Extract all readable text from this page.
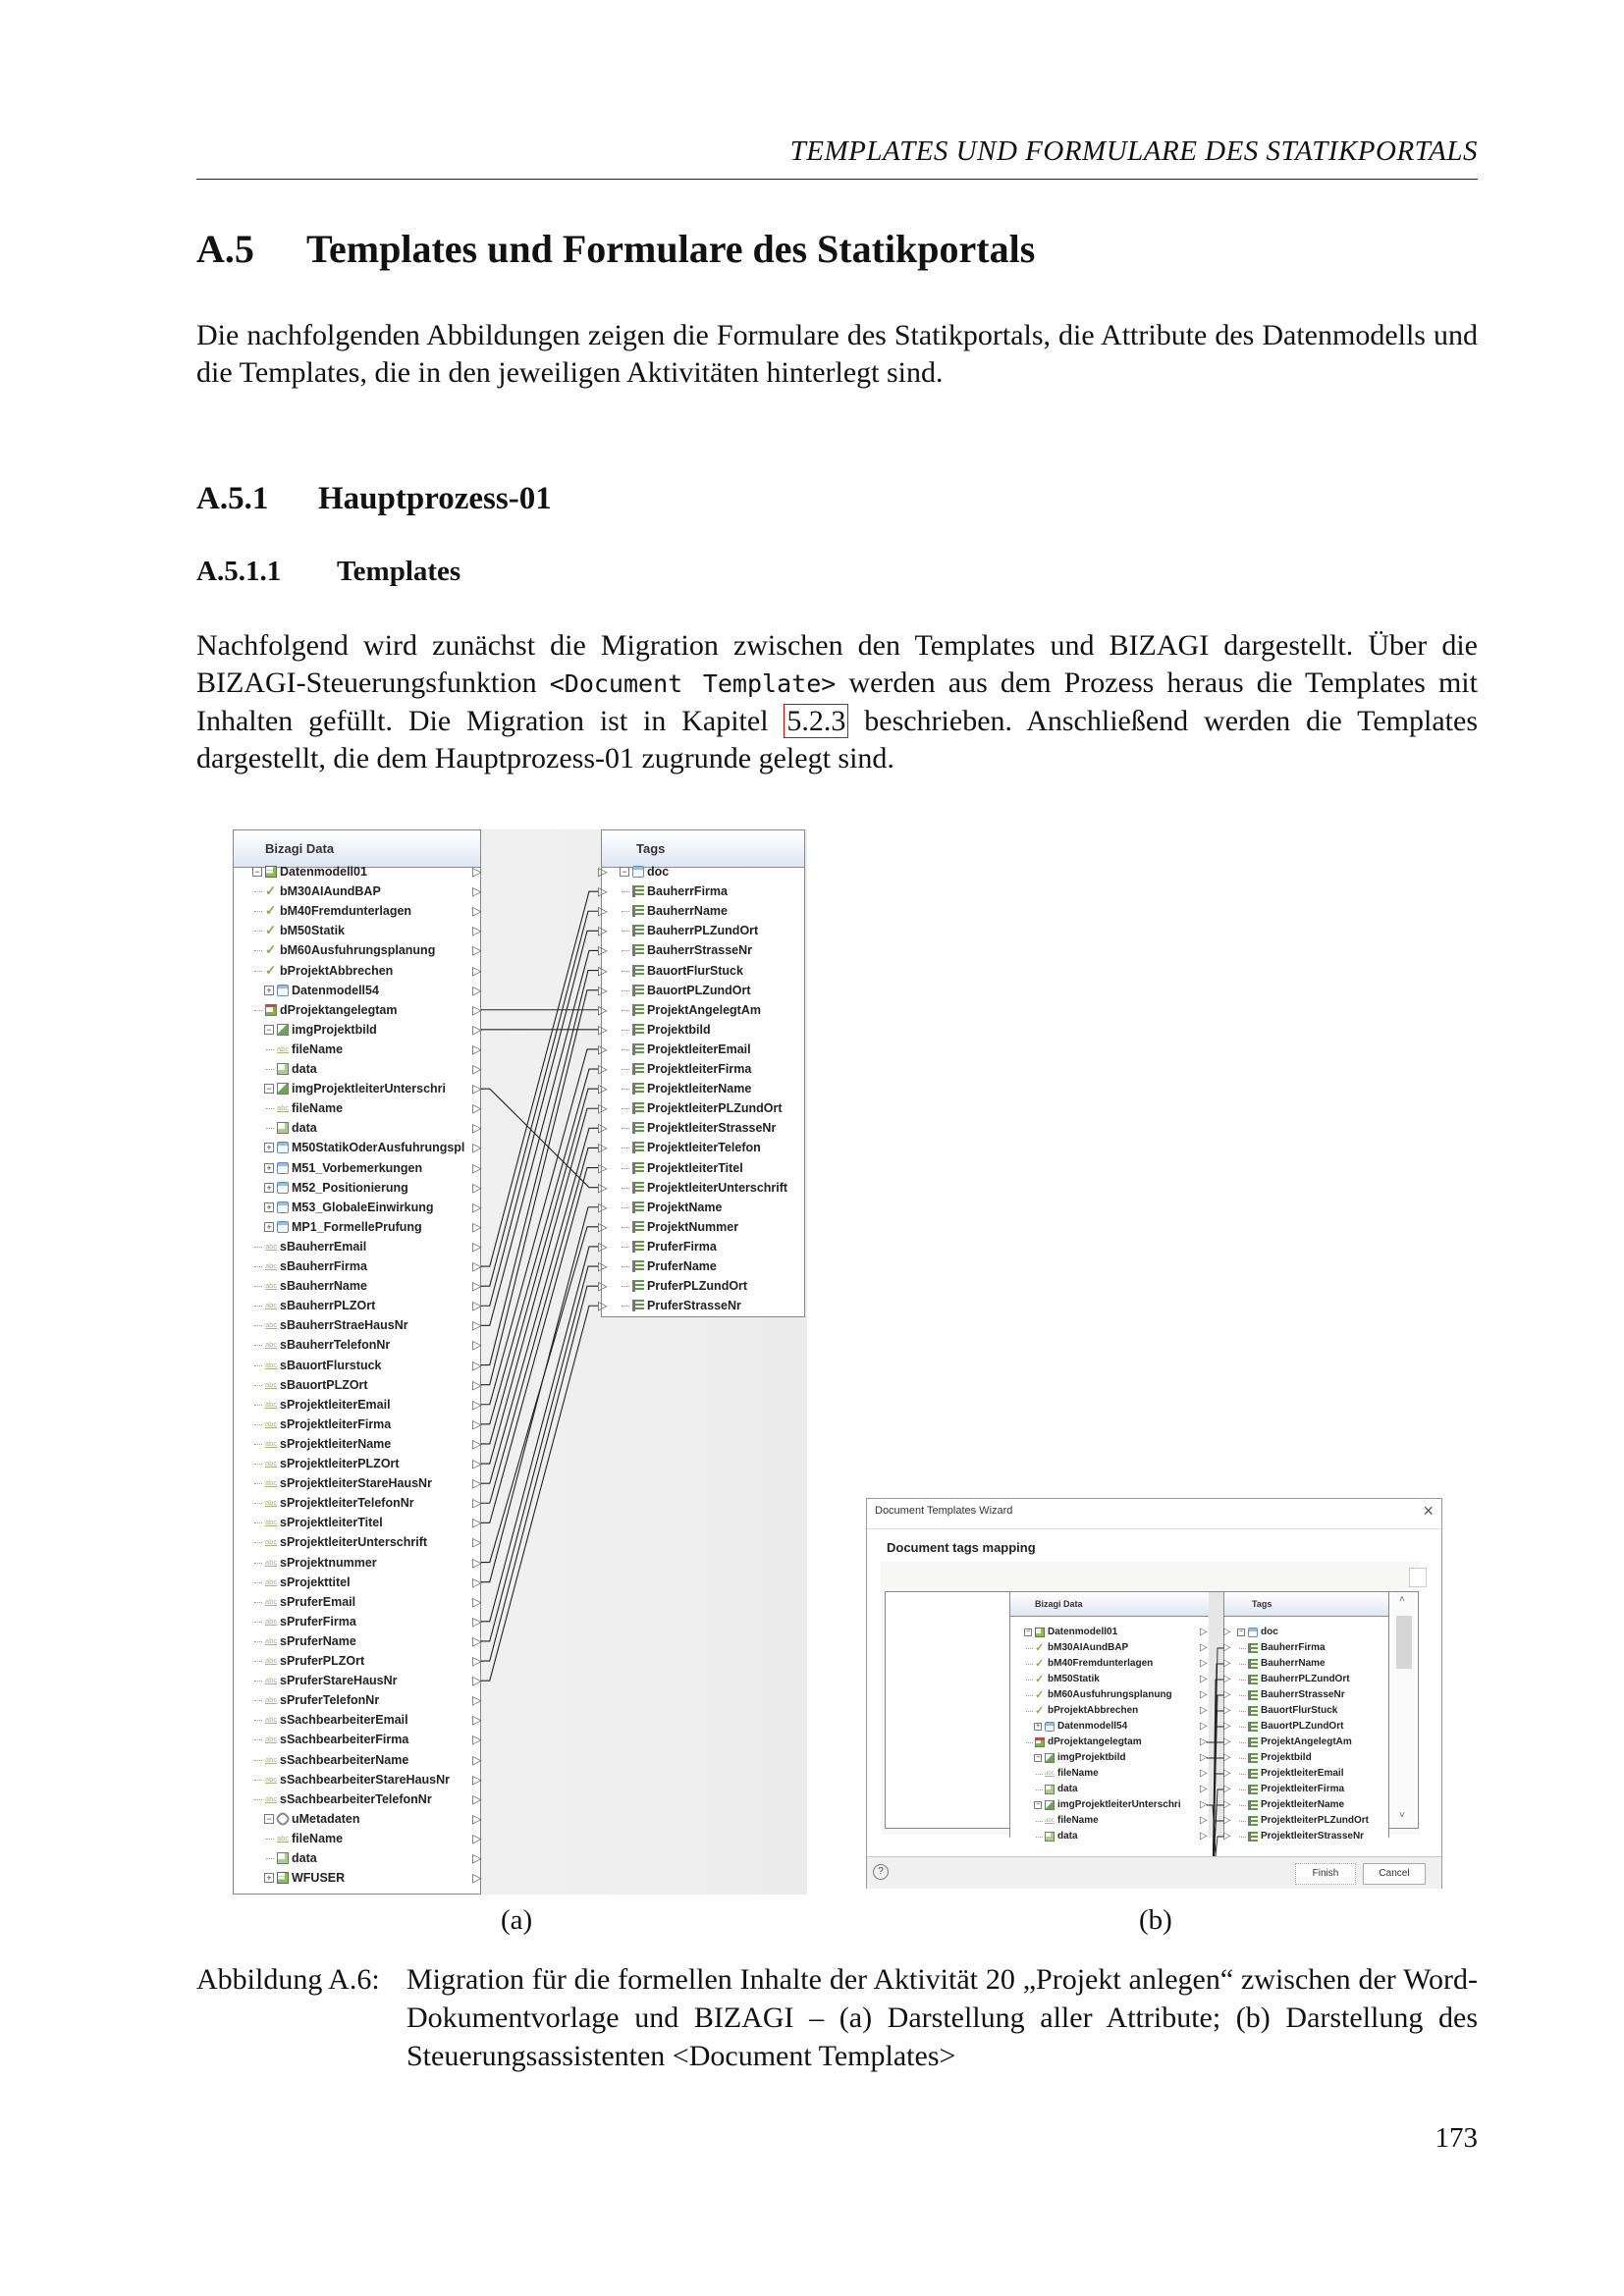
TEMPLATES UND FORMULARE DES STATIKPORTALS
A.5 Templates und Formulare des Statikportals
Die nachfolgenden Abbildungen zeigen die Formulare des Statikportals, die Attribute des Datenmodells und die Templates, die in den jeweiligen Aktivitäten hinterlegt sind.
A.5.1 Hauptprozess-01
A.5.1.1 Templates
Nachfolgend wird zunächst die Migration zwischen den Templates und BIZAGI dargestellt. Über die BIZAGI-Steuerungsfunktion <Document Template> werden aus dem Prozess heraus die Templates mit Inhalten gefüllt. Die Migration ist in Kapitel 5.2.3 beschrieben. Anschließend werden die Templates dargestellt, die dem Hauptprozess-01 zugrunde gelegt sind.
Bizagi Data	Tags
− Datenmodell01	▷
✓ bM30AIAundBAP	▷
✓ bM40Fremdunterlagen	▷
✓ bM50Statik	▷
✓ bM60Ausfuhrungsplanung	▷
✓ bProjektAbbrechen	▷
+ Datenmodell54	▷
dProjektangelegtam	▷
− imgProjektbild	▷
abc fileName	▷
data	▷
− imgProjektleiterUnterschri ▷
abc fileName	▷
data	▷
+ M50StatikOderAusfuhrungspl ▷
+ M51_Vorbemerkungen	▷
+ M52_Positionierung	▷
+ M53_GlobaleEinwirkung	▷
+ MP1_FormellePrufung	▷
abc sBauherrEmail	▷
abc sBauherrFirma	▷
abc sBauherrName	▷
abc sBauherrPLZOrt	▷
abc sBauherrStraeHausNr	▷
abc sBauherrTelefonNr	▷
abc sBauortFlurstuck	▷
abc sBauortPLZOrt	▷
abc sProjektleiterEmail	▷
abc sProjektleiterFirma	▷
abc sProjektleiterName	▷
abc sProjektleiterPLZOrt	▷
abc sProjektleiterStareHausNr	▷
abc sProjektleiterTelefonNr	▷
abc sProjektleiterTitel	▷
abc sProjektleiterUnterschrift	▷
abc sProjektnummer	▷
abc sProjekttitel	▷
abc sPruferEmail	▷
abc sPruferFirma	▷
abc sPruferName	▷
abc sPruferPLZOrt	▷
abc sPruferStareHausNr	▷
abc sPruferTelefonNr	▷
abc sSachbearbeiterEmail	▷
abc sSachbearbeiterFirma	▷
abc sSachbearbeiterName	▷
abc sSachbearbeiterStareHausNr ▷
abc sSachbearbeiterTelefonNr	▷
− uMetadaten	▷
abc fileName	▷
data	▷
+ WFUSER	▷
− doc
▷
BauherrFirma
▷
BauherrName
▷
BauherrPLZundOrt
▷
BauherrStrasseNr
▷
BauortFlurStuck
▷
BauortPLZundOrt
▷
ProjektAngelegtAm
▷
Projektbild
▷
ProjektleiterEmail
▷
ProjektleiterFirma
▷
ProjektleiterName
▷
ProjektleiterPLZundOrt
▷
ProjektleiterStrasseNr
▷
ProjektleiterTelefon
▷
ProjektleiterTitel
▷
ProjektleiterUnterschrift
▷
ProjektName
▷
ProjektNummer
▷
PruferFirma
▷
PruferName
▷
PruferPLZundOrt
▷
PruferStrasseNr
▷
Document Templates Wizard	×
Document tags mapping
Bizagi Data	Tags	˄
˅
− Datenmodell01	▷
✓ bM30AIAundBAP	▷
✓ bM40Fremdunterlagen	▷
✓ bM50Statik	▷
✓ bM60Ausfuhrungsplanung	▷
✓ bProjektAbbrechen	▷
+ Datenmodell54	▷
dProjektangelegtam	▷
− imgProjektbild	▷
abc fileName	▷
data	▷
− imgProjektleiterUnterschri ▷
abc fileName	▷
data	▷
− doc
▷
BauherrFirma
▷
BauherrName
▷
BauherrPLZundOrt
▷
BauherrStrasseNr
▷
BauortFlurStuck
▷
BauortPLZundOrt
▷
ProjektAngelegtAm
▷
Projektbild
▷
ProjektleiterEmail
▷
ProjektleiterFirma
▷
ProjektleiterName
▷
ProjektleiterPLZundOrt
▷
ProjektleiterStrasseNr
▷
?	Finish	Cancel
(a)	(b)
Abbildung A.6: Migration für die formellen Inhalte der Aktivität 20 „Projekt anlegen“ zwischen der Word-Dokumentvorlage und BIZAGI – (a) Darstellung aller Attribute; (b) Darstellung des Steuerungsassistenten <Document Templates>
173
